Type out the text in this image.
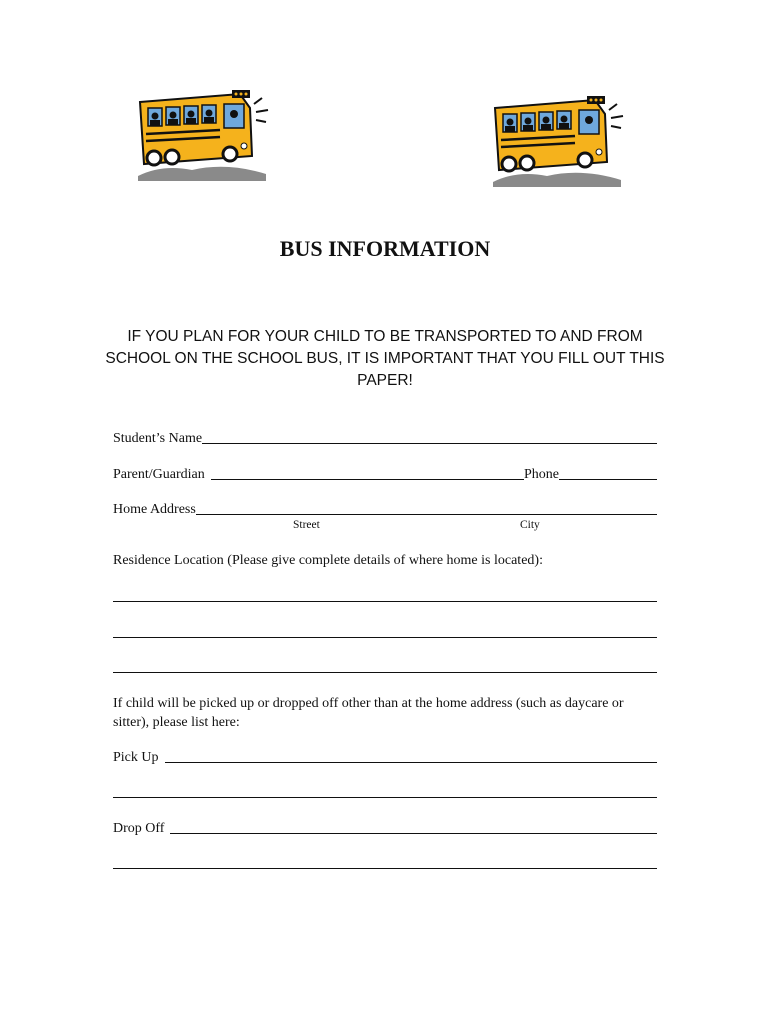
BUS INFORMATION
IF YOU PLAN FOR YOUR CHILD TO BE TRANSPORTED TO AND FROM SCHOOL ON THE SCHOOL BUS, IT IS IMPORTANT THAT YOU FILL OUT THIS PAPER!
Student’s Name
Parent/Guardian	Phone
Home Address
Street	City
Residence Location (Please give complete details of where home is located):
If child will be picked up or dropped off other than at the home address (such as daycare or sitter), please list here:
Pick Up
Drop Off
